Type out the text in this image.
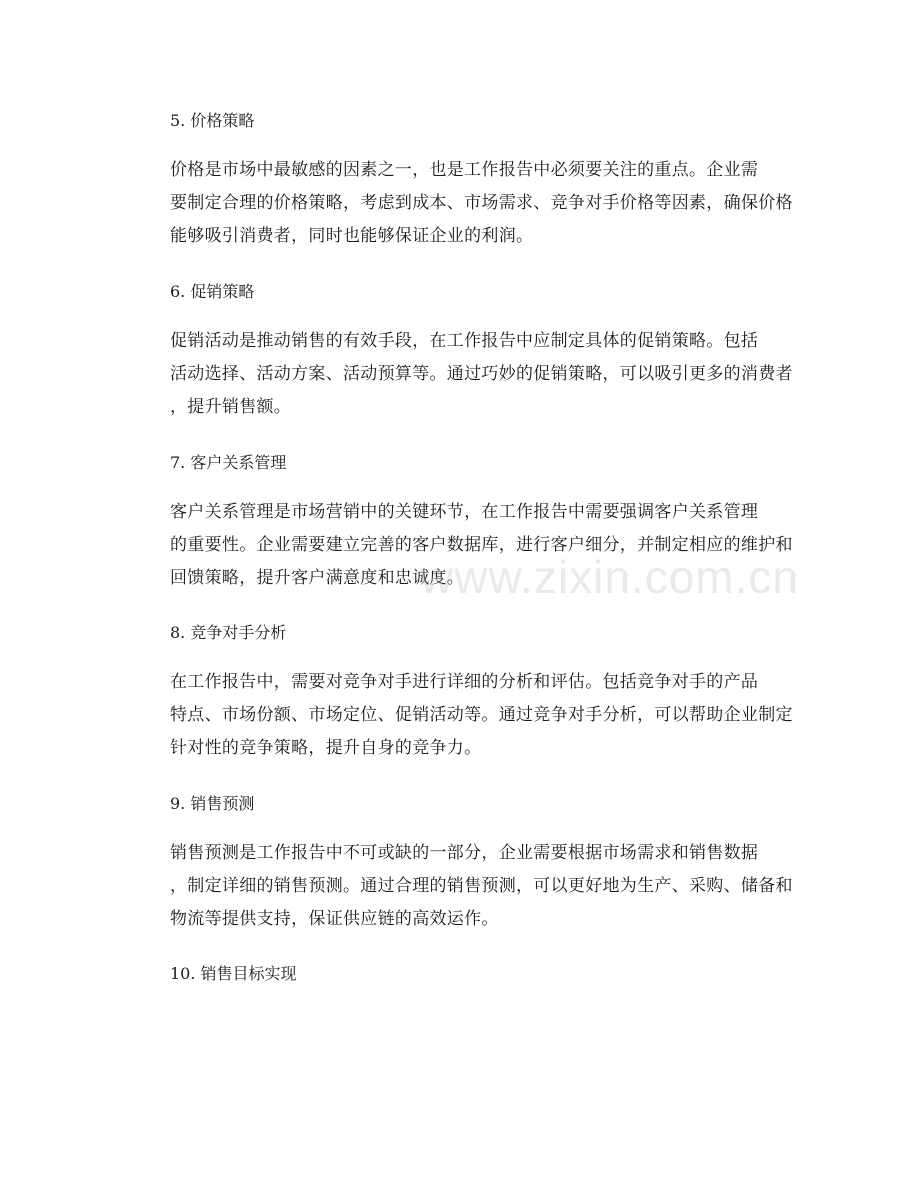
5. 价格策略

价格是市场中最敏感的因素之一，也是工作报告中必须要关注的重点。企业需
要制定合理的价格策略，考虑到成本、市场需求、竞争对手价格等因素，确保价格
能够吸引消费者，同时也能够保证企业的利润。

6. 促销策略

促销活动是推动销售的有效手段，在工作报告中应制定具体的促销策略。包括
活动选择、活动方案、活动预算等。通过巧妙的促销策略，可以吸引更多的消费者
，提升销售额。

7. 客户关系管理

客户关系管理是市场营销中的关键环节，在工作报告中需要强调客户关系管理
的重要性。企业需要建立完善的客户数据库，进行客户细分，并制定相应的维护和
回馈策略，提升客户满意度和忠诚度。

8. 竞争对手分析

在工作报告中，需要对竞争对手进行详细的分析和评估。包括竞争对手的产品
特点、市场份额、市场定位、促销活动等。通过竞争对手分析，可以帮助企业制定
针对性的竞争策略，提升自身的竞争力。

9. 销售预测

销售预测是工作报告中不可或缺的一部分，企业需要根据市场需求和销售数据
，制定详细的销售预测。通过合理的销售预测，可以更好地为生产、采购、储备和
物流等提供支持，保证供应链的高效运作。

10. 销售目标实现
www.zixin.com.cn
